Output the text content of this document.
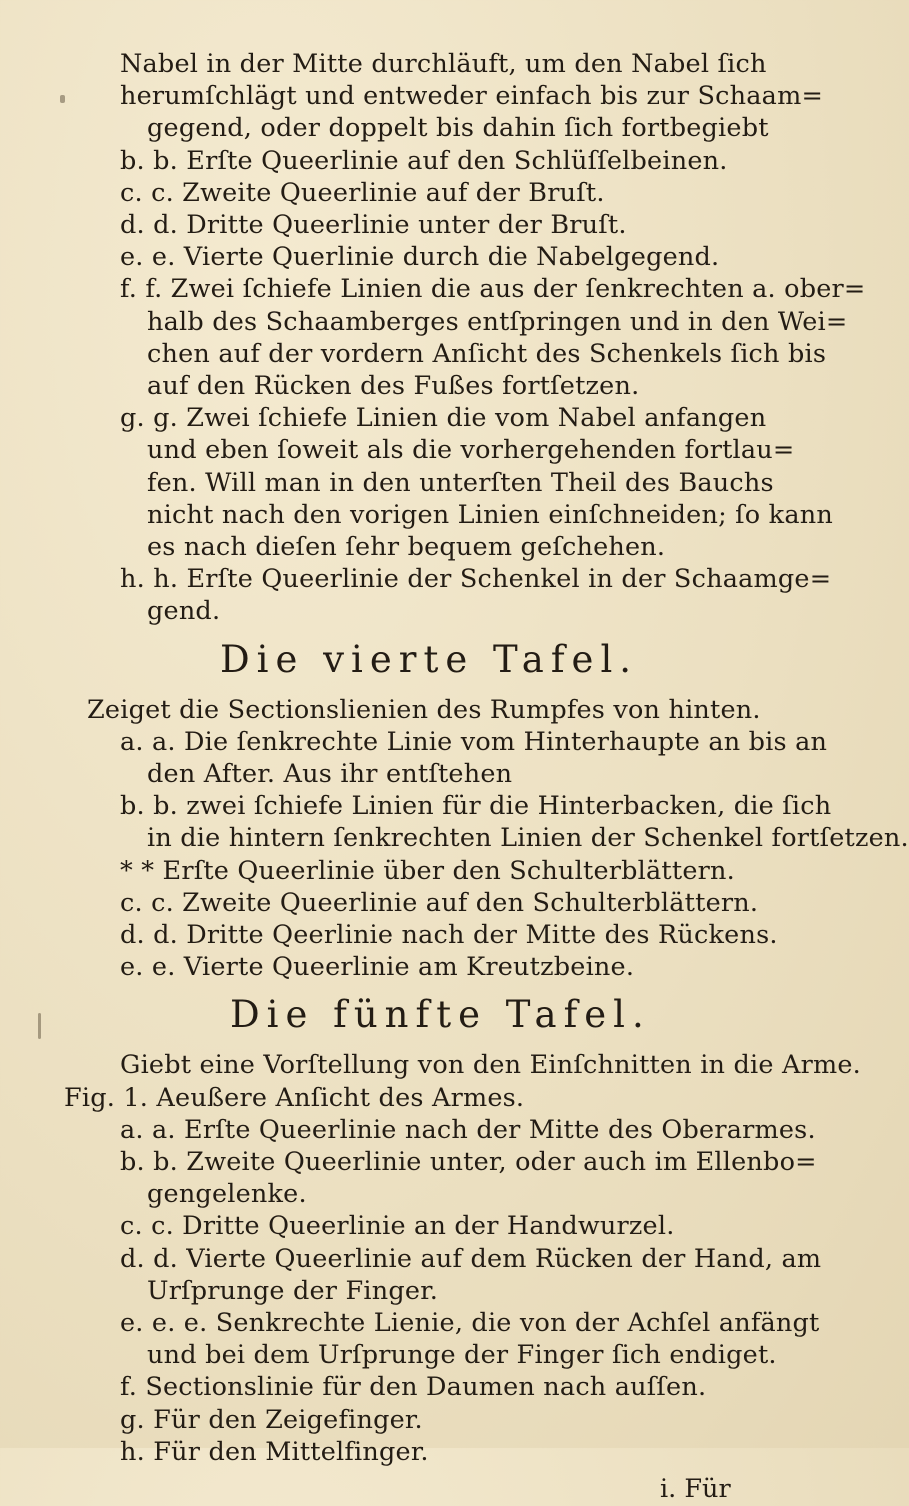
Nabel in der Mitte durchläuft, um den Nabel ſich
herumſchlägt und entweder einfach bis zur Schaam=
gegend, oder doppelt bis dahin ſich fortbegiebt
b. b. Erſte Queerlinie auf den Schlüſſelbeinen.
c. c. Zweite Queerlinie auf der Bruſt.
d. d. Dritte Queerlinie unter der Bruſt.
e. e. Vierte Querlinie durch die Nabelgegend.
f. f. Zwei ſchiefe Linien die aus der ſenkrechten a. ober=
halb des Schaamberges entſpringen und in den Wei=
chen auf der vordern Anſicht des Schenkels ſich bis
auf den Rücken des Fußes fortſetzen.
g. g. Zwei ſchiefe Linien die vom Nabel anfangen
und eben ſoweit als die vorhergehenden fortlau=
fen. Will man in den unterſten Theil des Bauchs
nicht nach den vorigen Linien einſchneiden; ſo kann
es nach dieſen ſehr bequem geſchehen.
h. h. Erſte Queerlinie der Schenkel in der Schaamge=
gend.
Die vierte Tafel.
Zeiget die Sectionslienien des Rumpfes von hinten.
a. a. Die ſenkrechte Linie vom Hinterhaupte an bis an
den After. Aus ihr entſtehen
b. b. zwei ſchiefe Linien für die Hinterbacken, die ſich
in die hintern ſenkrechten Linien der Schenkel fortſetzen.
* * Erſte Queerlinie über den Schulterblättern.
c. c. Zweite Queerlinie auf den Schulterblättern.
d. d. Dritte Qeerlinie nach der Mitte des Rückens.
e. e. Vierte Queerlinie am Kreutzbeine.
Die fünfte Tafel.
Giebt eine Vorſtellung von den Einſchnitten in die Arme.
Fig. 1. Aeußere Anſicht des Armes.
a. a. Erſte Queerlinie nach der Mitte des Oberarmes.
b. b. Zweite Queerlinie unter, oder auch im Ellenbo=
gengelenke.
c. c. Dritte Queerlinie an der Handwurzel.
d. d. Vierte Queerlinie auf dem Rücken der Hand, am
Urſprunge der Finger.
e. e. e. Senkrechte Lienie, die von der Achſel anfängt
und bei dem Urſprunge der Finger ſich endiget.
f. Sectionslinie für den Daumen nach auſſen.
g. Für den Zeigefinger.
h. Für den Mittelfinger.
i. Für
